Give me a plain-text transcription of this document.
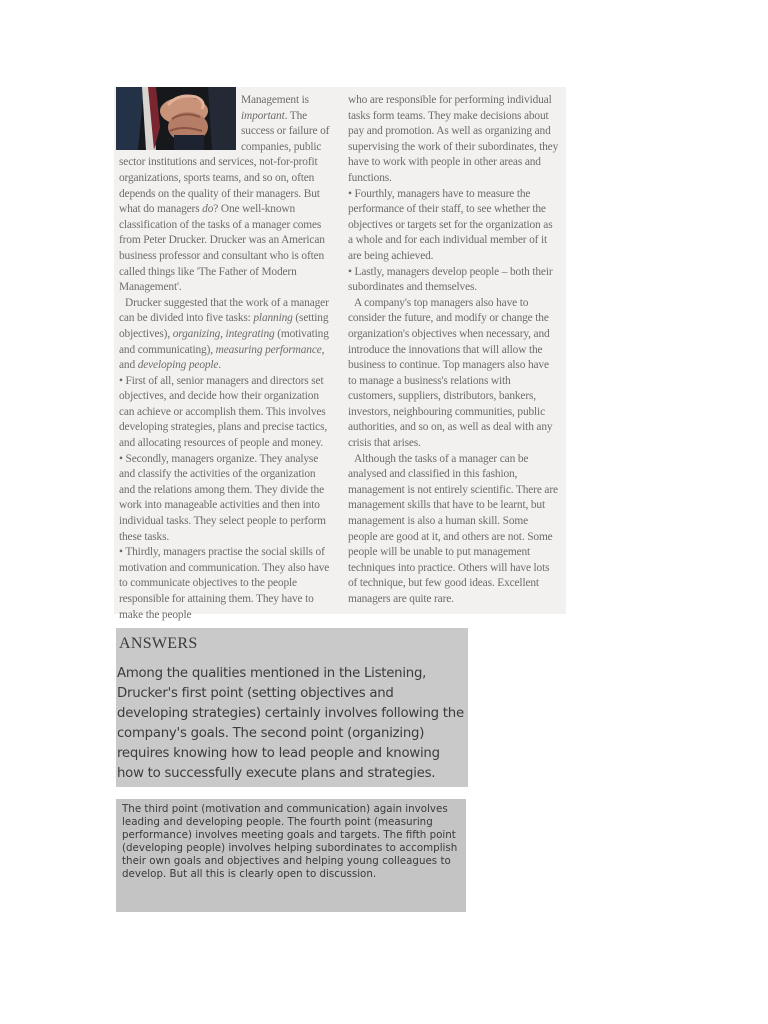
Management is important. The success or failure of companies, public sector institutions and services, not-for-profit organizations, sports teams, and so on, often depends on the quality of their managers. But what do managers do? One well-known classification of the tasks of a manager comes from Peter Drucker. Drucker was an American business professor and consultant who is often called things like 'The Father of Modern Management'.

Drucker suggested that the work of a manager can be divided into five tasks: planning (setting objectives), organizing, integrating (motivating and communicating), measuring performance, and developing people.

• First of all, senior managers and directors set objectives, and decide how their organization can achieve or accomplish them. This involves developing strategies, plans and precise tactics, and allocating resources of people and money.

• Secondly, managers organize. They analyse and classify the activities of the organization and the relations among them. They divide the work into manageable activities and then into individual tasks. They select people to perform these tasks.

• Thirdly, managers practise the social skills of motivation and communication. They also have to communicate objectives to the people responsible for attaining them. They have to make the people

who are responsible for performing individual tasks form teams. They make decisions about pay and promotion. As well as organizing and supervising the work of their subordinates, they have to work with people in other areas and functions.

• Fourthly, managers have to measure the performance of their staff, to see whether the objectives or targets set for the organization as a whole and for each individual member of it are being achieved.

• Lastly, managers develop people – both their subordinates and themselves.

A company's top managers also have to consider the future, and modify or change the organization's objectives when necessary, and introduce the innovations that will allow the business to continue. Top managers also have to manage a business's relations with customers, suppliers, distributors, bankers, investors, neighbouring communities, public authorities, and so on, as well as deal with any crisis that arises.

Although the tasks of a manager can be analysed and classified in this fashion, management is not entirely scientific. There are management skills that have to be learnt, but management is also a human skill. Some people are good at it, and others are not. Some people will be unable to put management techniques into practice. Others will have lots of technique, but few good ideas. Excellent managers are quite rare.

ANSWERS

Among the qualities mentioned in the Listening, Drucker's first point (setting objectives and developing strategies) certainly involves following the company's goals. The second point (organizing) requires knowing how to lead people and knowing how to successfully execute plans and strategies.

The third point (motivation and communication) again involves leading and developing people. The fourth point (measuring performance) involves meeting goals and targets. The fifth point (developing people) involves helping subordinates to accomplish their own goals and objectives and helping young colleagues to develop. But all this is clearly open to discussion.
